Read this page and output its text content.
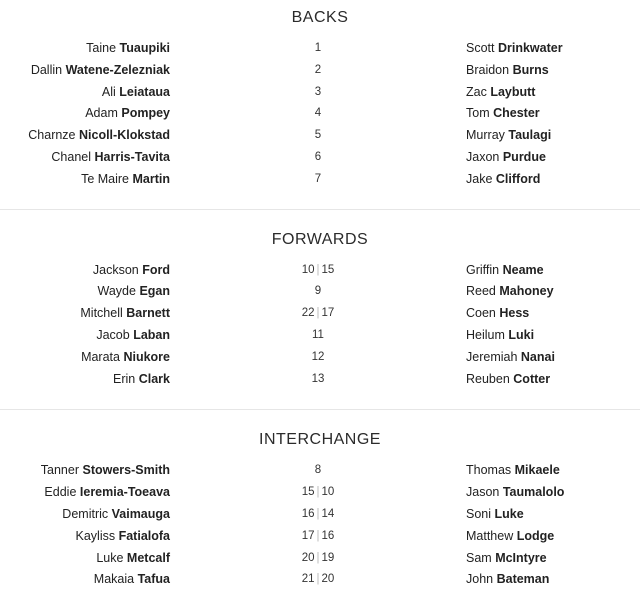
BACKS
Taine Tuaupiki	1	Scott Drinkwater
Dallin Watene-Zelezniak	2	Braidon Burns
Ali Leiataua	3	Zac Laybutt
Adam Pompey	4	Tom Chester
Charnze Nicoll-Klokstad	5	Murray Taulagi
Chanel Harris-Tavita	6	Jaxon Purdue
Te Maire Martin	7	Jake Clifford
FORWARDS
Jackson Ford	10 | 15	Griffin Neame
Wayde Egan	9	Reed Mahoney
Mitchell Barnett	22 | 17	Coen Hess
Jacob Laban	11	Heilum Luki
Marata Niukore	12	Jeremiah Nanai
Erin Clark	13	Reuben Cotter
INTERCHANGE
Tanner Stowers-Smith	8	Thomas Mikaele
Eddie Ieremia-Toeava	15 | 10	Jason Taumalolo
Demitric Vaimauga	16 | 14	Soni Luke
Kayliss Fatialofa	17 | 16	Matthew Lodge
Luke Metcalf	20 | 19	Sam McIntyre
Makaia Tafua	21 | 20	John Bateman
